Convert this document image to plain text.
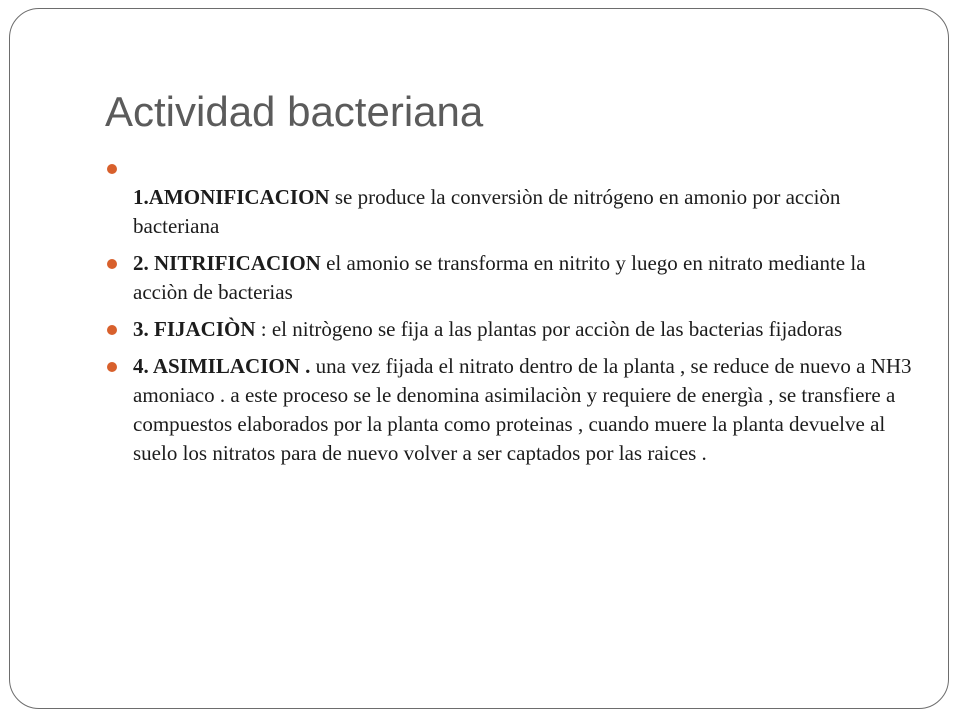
Actividad bacteriana
1.AMONIFICACION se produce la conversiòn de nitrógeno en amonio por acciòn bacteriana
2. NITRIFICACION el amonio se transforma en nitrito y luego en nitrato mediante la acciòn de bacterias
3. FIJACIÒN : el nitrògeno se fija a las plantas por acciòn de las bacterias fijadoras
4. ASIMILACION . una vez fijada el nitrato dentro de la planta , se reduce de nuevo a NH3 amoniaco . a este proceso se le denomina asimilaciòn y requiere de energìa , se transfiere a compuestos elaborados por la planta como proteinas , cuando muere la planta devuelve al suelo los nitratos para de nuevo volver a ser captados por las raices .
